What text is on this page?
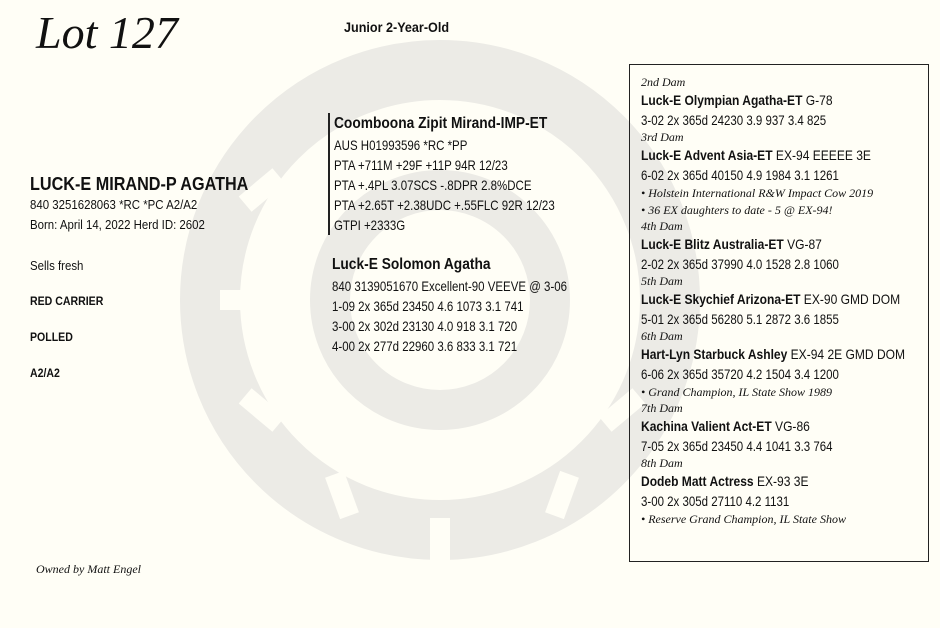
Lot 127	Junior 2-Year-Old
LUCK-E MIRAND-P AGATHA
840 3251628063 *RC *PC A2/A2
Born: April 14, 2022 Herd ID: 2602
Sells fresh
RED CARRIER
POLLED
A2/A2
Owned by Matt Engel
Coomboona Zipit Mirand-IMP-ET
AUS H01993596 *RC *PP
PTA +711M +29F +11P 94R 12/23
PTA +.4PL 3.07SCS -.8DPR 2.8%DCE
PTA +2.65T +2.38UDC +.55FLC 92R 12/23
GTPI +2333G
Luck-E Solomon Agatha
840 3139051670 Excellent-90 VEEVE @ 3-06
1-09 2x 365d 23450 4.6 1073 3.1 741
3-00 2x 302d 23130 4.0 918 3.1 720
4-00 2x 277d 22960 3.6 833 3.1 721
2nd Dam
Luck-E Olympian Agatha-ET G-78
3-02 2x 365d 24230 3.9 937 3.4 825
3rd Dam
Luck-E Advent Asia-ET EX-94 EEEEE 3E
6-02 2x 365d 40150 4.9 1984 3.1 1261
• Holstein International R&W Impact Cow 2019
• 36 EX daughters to date - 5 @ EX-94!
4th Dam
Luck-E Blitz Australia-ET VG-87
2-02 2x 365d 37990 4.0 1528 2.8 1060
5th Dam
Luck-E Skychief Arizona-ET EX-90 GMD DOM
5-01 2x 365d 56280 5.1 2872 3.6 1855
6th Dam
Hart-Lyn Starbuck Ashley EX-94 2E GMD DOM
6-06 2x 365d 35720 4.2 1504 3.4 1200
• Grand Champion, IL State Show 1989
7th Dam
Kachina Valient Act-ET VG-86
7-05 2x 365d 23450 4.4 1041 3.3 764
8th Dam
Dodeb Matt Actress EX-93 3E
3-00 2x 305d 27110 4.2 1131
• Reserve Grand Champion, IL State Show
